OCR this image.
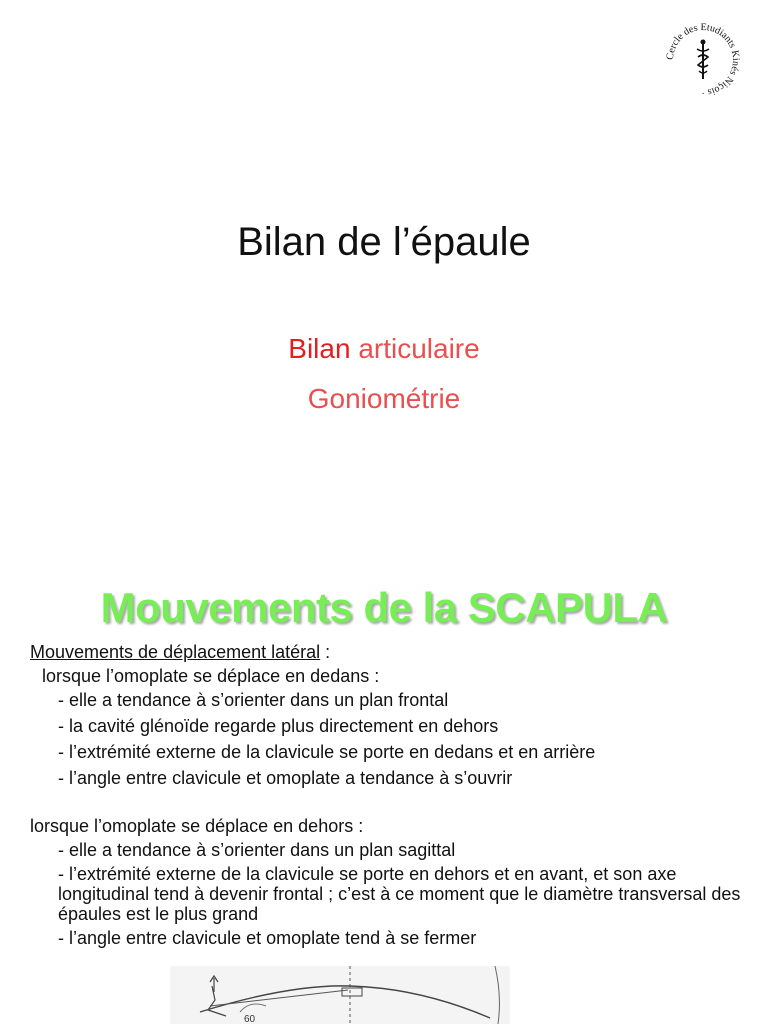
Cercle des Etudiants Kinés Niçois ·
Bilan de l’épaule
Bilan articulaire
Goniométrie
Mouvements de la SCAPULA

Mouvements de déplacement latéral :

lorsque l’omoplate se déplace en dedans :

- elle a tendance à s’orienter dans un plan frontal

- la cavité glénoïde regarde plus directement en dehors

- l’extrémité externe de la clavicule se porte en dedans et en arrière

- l’angle entre clavicule et omoplate a tendance à s’ouvrir

lorsque l’omoplate se déplace en dehors :

- elle a tendance à s’orienter dans un plan sagittal

- l’extrémité externe de la clavicule se porte en dehors et en avant, et son axe longitudinal tend à devenir frontal ; c’est à ce moment que le diamètre transversal des épaules est le plus grand

- l’angle entre clavicule et omoplate tend à se fermer

60
